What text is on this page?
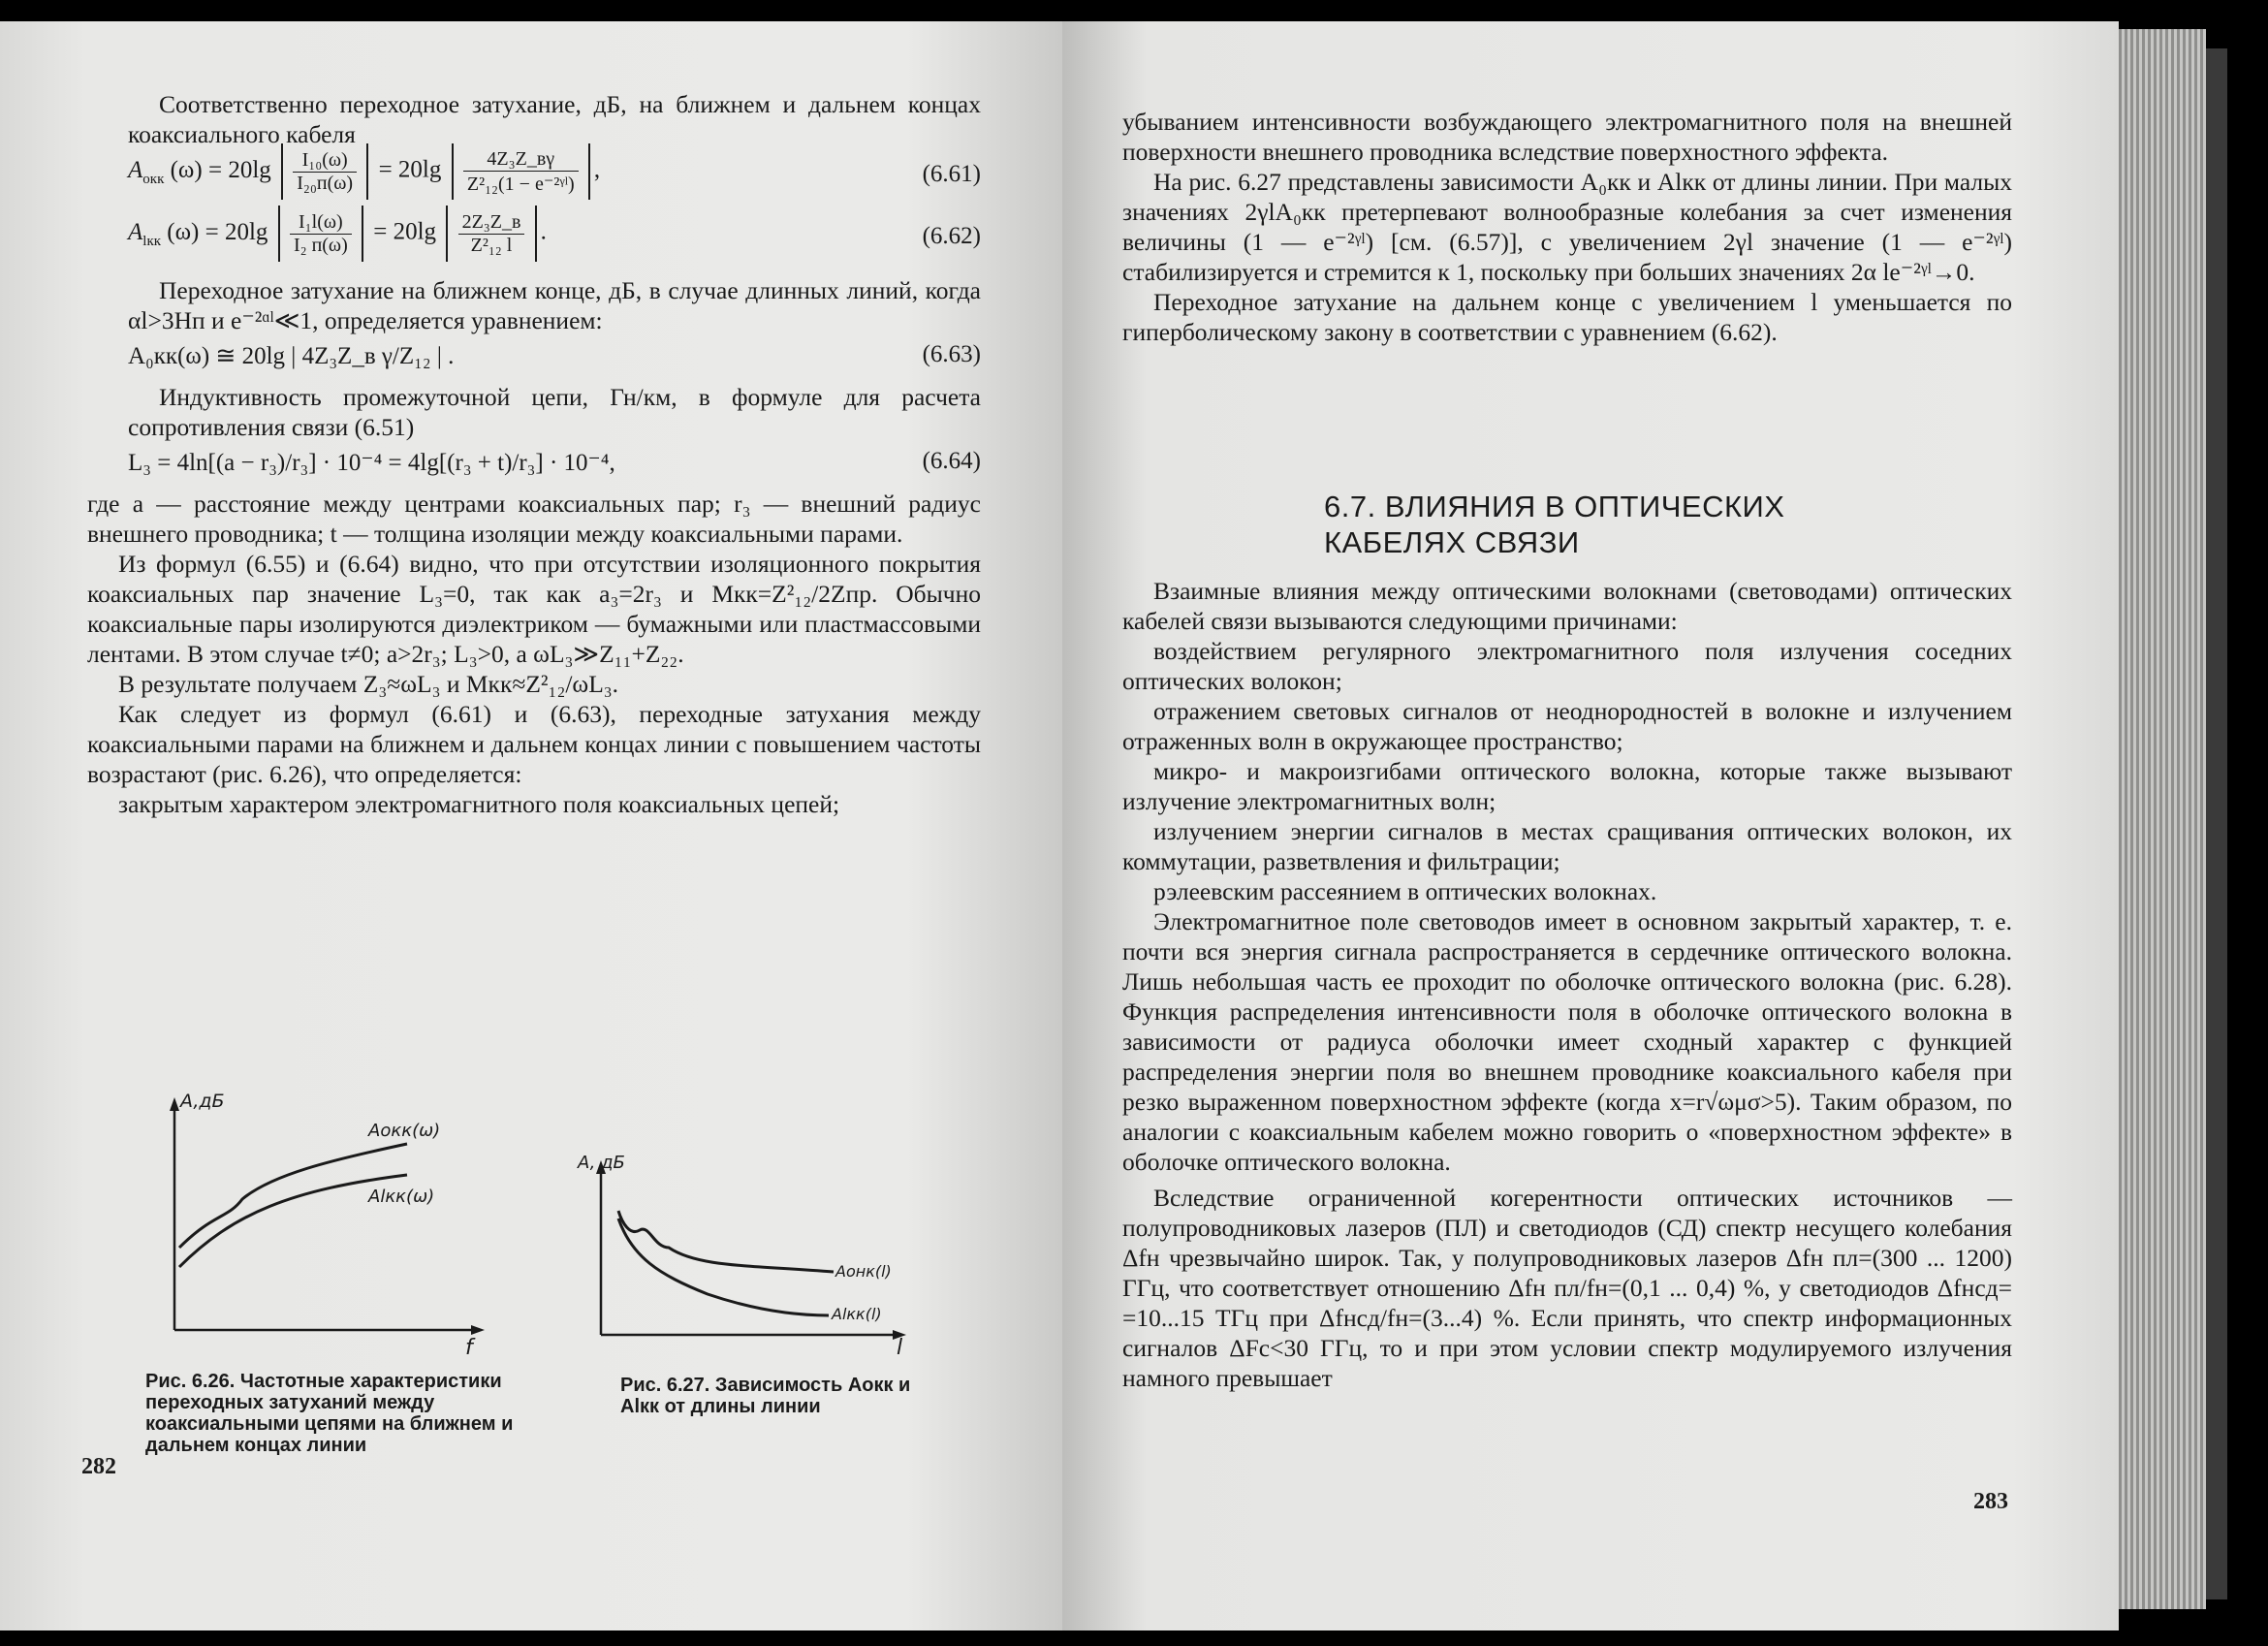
Соответственно переходное затухание, дБ, на ближнем и дальнем концах коаксиального кабеля

$A_{окк}$ $(\omega) = 20\lg \frac{\text{I₁₀(ω)}}{\text{I₂₀п(ω)}} = 20\lg \frac{\text{4Z₃Z\_вγ}}{\text{Z²₁₂(1 − e⁻²ᵞˡ)}}$ ,	(6.61)
$A_{lкк}$ $(\omega) = 20\lg \frac{\text{I₁l(ω)}}{\text{I₂ п(ω)}} = 20\lg \frac{\text{2Z₃Z\_в}}{\text{Z²₁₂ l}}$ .	(6.62)

Переходное затухание на ближнем конце, дБ, в случае длинных линий, когда αl>3Нп и e⁻²ᵅˡ≪1, определяется уравнением:

A₀кк(ω) ≅ 20lg | 4Z₃Z_в γ/Z₁₂ | .	(6.63)

Индуктивность промежуточной цепи, Гн/км, в формуле для расчета сопротивления связи (6.51)

L₃ = 4ln[(a − r₃)/r₃] · 10⁻⁴ = 4lg[(r₃ + t)/r₃] · 10⁻⁴,	(6.64)

где a — расстояние между центрами коаксиальных пар; r₃ — внешний радиус внешнего проводника; t — толщина изоляции между коаксиальными парами.

Из формул (6.55) и (6.64) видно, что при отсутствии изоляционного покрытия коаксиальных пар значение L₃=0, так как a₃=2r₃ и Mкк=Z²₁₂/2Zпр. Обычно коаксиальные пары изолируются диэлектриком — бумажными или пластмассовыми лентами. В этом случае t≠0; a>2r₃; L₃>0, а ωL₃≫Z₁₁+Z₂₂.

В результате получаем Z₃≈ωL₃ и Mкк≈Z²₁₂/ωL₃.

Как следует из формул (6.61) и (6.63), переходные затухания между коаксиальными парами на ближнем и дальнем концах линии с повышением частоты возрастают (рис. 6.26), что определяется:

закрытым характером электромагнитного поля коаксиальных цепей;

A,дБ
f
Aокк(ω)
Alкк(ω)
Рис. 6.26. Частотные характеристики переходных затуханий между коаксиальными цепями на ближнем и дальнем концах линии
A, дБ
l
Aонк(l)
Alкк(l)
Рис. 6.27. Зависимость Aокк и Alкк от длины линии
282

убыванием интенсивности возбуждающего электромагнитного поля на внешней поверхности внешнего проводника вследствие поверхностного эффекта.

На рис. 6.27 представлены зависимости A₀кк и Alкк от длины линии. При малых значениях 2γlA₀кк претерпевают волнообразные колебания за счет изменения величины (1 — e⁻²ᵞˡ) [см. (6.57)], с увеличением 2γl значение (1 — e⁻²ᵞˡ) стабилизируется и стремится к 1, поскольку при больших значениях 2α le⁻²ᵞˡ→0.

Переходное затухание на дальнем конце с увеличением l уменьшается по гиперболическому закону в соответствии с уравнением (6.62).

6.7. ВЛИЯНИЯ В ОПТИЧЕСКИХ КАБЕЛЯХ СВЯЗИ

Взаимные влияния между оптическими волокнами (световодами) оптических кабелей связи вызываются следующими причинами:

воздействием регулярного электромагнитного поля излучения соседних оптических волокон;

отражением световых сигналов от неоднородностей в волокне и излучением отраженных волн в окружающее пространство;

микро- и макроизгибами оптического волокна, которые также вызывают излучение электромагнитных волн;

излучением энергии сигналов в местах сращивания оптических волокон, их коммутации, разветвления и фильтрации;

рэлеевским рассеянием в оптических волокнах.

Электромагнитное поле световодов имеет в основном закрытый характер, т. е. почти вся энергия сигнала распространяется в сердечнике оптического волокна. Лишь небольшая часть ее проходит по оболочке оптического волокна (рис. 6.28). Функция распределения интенсивности поля в оболочке оптического волокна в зависимости от радиуса оболочки имеет сходный характер с функцией распределения энергии поля во внешнем проводнике коаксиального кабеля при резко выраженном поверхностном эффекте (когда x=r√ωμσ>5). Таким образом, по аналогии с коаксиальным кабелем можно говорить о «поверхностном эффекте» в оболочке оптического волокна.

Вследствие ограниченной когерентности оптических источников — полупроводниковых лазеров (ПЛ) и светодиодов (СД) спектр несущего колебания Δfн чрезвычайно широк. Так, у полупроводниковых лазеров Δfн пл=(300 ... 1200) ГГц, что соответствует отношению Δfн пл/fн=(0,1 ... 0,4) %, у светодиодов Δfнсд= =10...15 ТГц при Δfнсд/fн=(3...4) %. Если принять, что спектр информационных сигналов ΔFс<30 ГГц, то и при этом условии спектр модулируемого излучения намного превышает

283
